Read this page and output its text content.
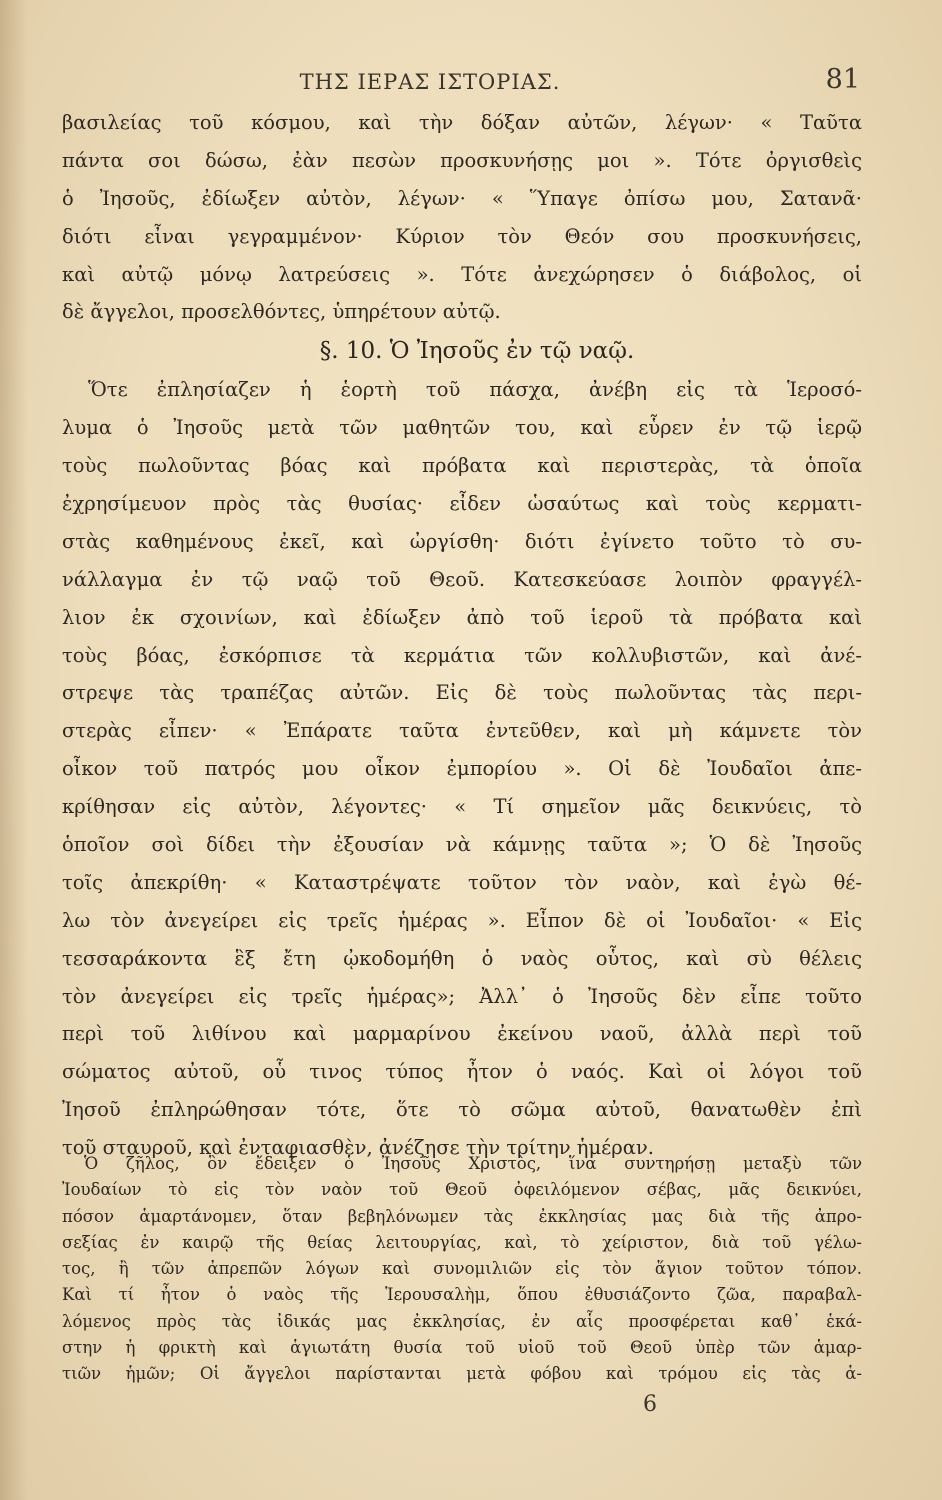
ΤΗΣ ΙΕΡΑΣ ΙΣΤΟΡΙΑΣ.	81
βασιλείας τοῦ κόσμου, καὶ τὴν δόξαν αὐτῶν, λέγων· « Ταῦτα
πάντα σοι δώσω, ἐὰν πεσὼν προσκυνήσῃς μοι ». Τότε ὀργισθεὶς
ὁ Ἰησοῦς, ἐδίωξεν αὐτὸν, λέγων· « Ὕπαγε ὀπίσω μου, Σατανᾶ·
διότι εἶναι γεγραμμένον· Κύριον τὸν Θεόν σου προσκυνήσεις,
καὶ αὐτῷ μόνῳ λατρεύσεις ». Τότε ἀνεχώρησεν ὁ διάβολος, οἱ
δὲ ἄγγελοι, προσελθόντες, ὑπηρέτουν αὐτῷ.
§. 10. Ὁ Ἰησοῦς ἐν τῷ ναῷ.
Ὅτε ἐπλησίαζεν ἡ ἑορτὴ τοῦ πάσχα, ἀνέβη εἰς τὰ Ἱεροσό-
λυμα ὁ Ἰησοῦς μετὰ τῶν μαθητῶν του, καὶ εὗρεν ἐν τῷ ἱερῷ
τοὺς πωλοῦντας βόας καὶ πρόβατα καὶ περιστερὰς, τὰ ὁποῖα
ἐχρησίμευον πρὸς τὰς θυσίας· εἶδεν ὡσαύτως καὶ τοὺς κερματι-
στὰς καθημένους ἐκεῖ, καὶ ὠργίσθη· διότι ἐγίνετο τοῦτο τὸ συ-
νάλλαγμα ἐν τῷ ναῷ τοῦ Θεοῦ. Κατεσκεύασε λοιπὸν φραγγέλ-
λιον ἐκ σχοινίων, καὶ ἐδίωξεν ἀπὸ τοῦ ἱεροῦ τὰ πρόβατα καὶ
τοὺς βόας, ἐσκόρπισε τὰ κερμάτια τῶν κολλυβιστῶν, καὶ ἀνέ-
στρεψε τὰς τραπέζας αὐτῶν. Εἰς δὲ τοὺς πωλοῦντας τὰς περι-
στερὰς εἶπεν· « Ἐπάρατε ταῦτα ἐντεῦθεν, καὶ μὴ κάμνετε τὸν
οἶκον τοῦ πατρός μου οἶκον ἐμπορίου ». Οἱ δὲ Ἰουδαῖοι ἀπε-
κρίθησαν εἰς αὐτὸν, λέγοντες· « Τί σημεῖον μᾶς δεικνύεις, τὸ
ὁποῖον σοὶ δίδει τὴν ἐξουσίαν νὰ κάμνῃς ταῦτα »; Ὁ δὲ Ἰησοῦς
τοῖς ἀπεκρίθη· « Καταστρέψατε τοῦτον τὸν ναὸν, καὶ ἐγὼ θέ-
λω τὸν ἀνεγείρει εἰς τρεῖς ἡμέρας ». Εἶπον δὲ οἱ Ἰουδαῖοι· « Εἰς
τεσσαράκοντα ἓξ ἔτη ᾠκοδομήθη ὁ ναὸς οὗτος, καὶ σὺ θέλεις
τὸν ἀνεγείρει εἰς τρεῖς ἡμέρας»; Ἀλλ᾽ ὁ Ἰησοῦς δὲν εἶπε τοῦτο
περὶ τοῦ λιθίνου καὶ μαρμαρίνου ἐκείνου ναοῦ, ἀλλὰ περὶ τοῦ
σώματος αὐτοῦ, οὗ τινος τύπος ἦτον ὁ ναός. Καὶ οἱ λόγοι τοῦ
Ἰησοῦ ἐπληρώθησαν τότε, ὅτε τὸ σῶμα αὐτοῦ, θανατωθὲν ἐπὶ
τοῦ σταυροῦ, καὶ ἐνταφιασθὲν, ἀνέζησε τὴν τρίτην ἡμέραν.
Ὁ ζῆλος, ὃν ἔδειξεν ὁ Ἰησοῦς Χριστὸς, ἵνα συντηρήσῃ μεταξὺ τῶν
Ἰουδαίων τὸ εἰς τὸν ναὸν τοῦ Θεοῦ ὀφειλόμενον σέβας, μᾶς δεικνύει,
πόσον ἁμαρτάνομεν, ὅταν βεβηλόνωμεν τὰς ἐκκλησίας μας διὰ τῆς ἀπρο-
σεξίας ἐν καιρῷ τῆς θείας λειτουργίας, καὶ, τὸ χείριστον, διὰ τοῦ γέλω-
τος, ἢ τῶν ἀπρεπῶν λόγων καὶ συνομιλιῶν εἰς τὸν ἅγιον τοῦτον τόπον.
Καὶ τί ἦτον ὁ ναὸς τῆς Ἱερουσαλὴμ, ὅπου ἐθυσιάζοντο ζῶα, παραβαλ-
λόμενος πρὸς τὰς ἰδικάς μας ἐκκλησίας, ἐν αἷς προσφέρεται καθ᾽ ἑκά-
στην ἡ φρικτὴ καὶ ἁγιωτάτη θυσία τοῦ υἱοῦ τοῦ Θεοῦ ὑπὲρ τῶν ἁμαρ-
τιῶν ἡμῶν; Οἱ ἄγγελοι παρίστανται μετὰ φόβου καὶ τρόμου εἰς τὰς ἁ-
6
